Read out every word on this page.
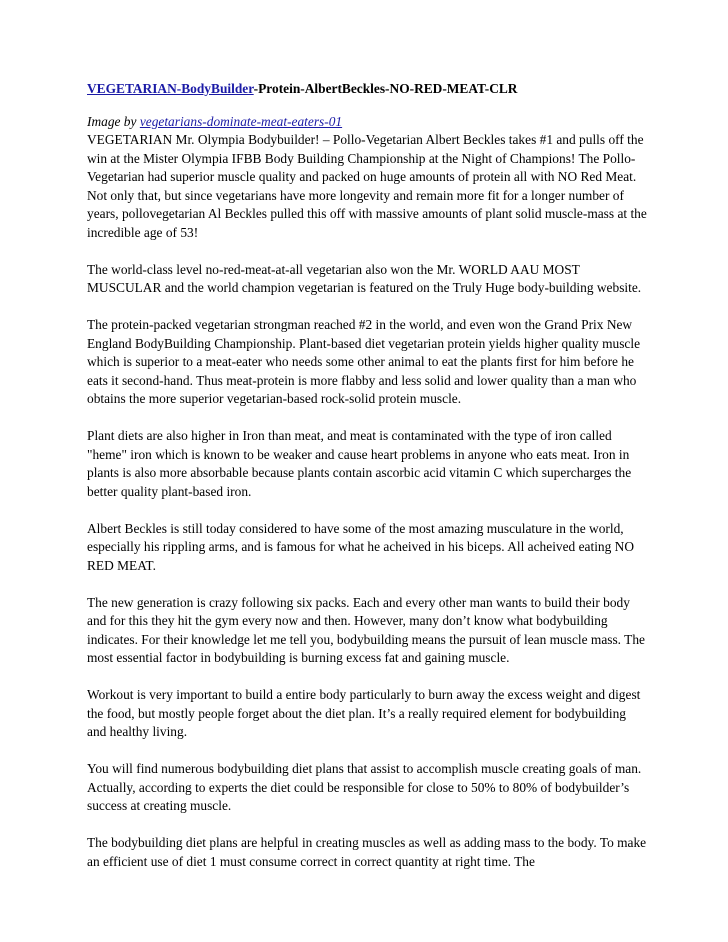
VEGETARIAN-BodyBuilder-Protein-AlbertBeckles-NO-RED-MEAT-CLR
Image by vegetarians-dominate-meat-eaters-01

VEGETARIAN Mr. Olympia Bodybuilder! – Pollo-Vegetarian Albert Beckles takes #1 and pulls off the win at the Mister Olympia IFBB Body Building Championship at the Night of Champions! The Pollo-Vegetarian had superior muscle quality and packed on huge amounts of protein all with NO Red Meat. Not only that, but since vegetarians have more longevity and remain more fit for a longer number of years, pollovegetarian Al Beckles pulled this off with massive amounts of plant solid muscle-mass at the incredible age of 53!

The world-class level no-red-meat-at-all vegetarian also won the Mr. WORLD AAU MOST MUSCULAR and the world champion vegetarian is featured on the Truly Huge body-building website.

The protein-packed vegetarian strongman reached #2 in the world, and even won the Grand Prix New England BodyBuilding Championship. Plant-based diet vegetarian protein yields higher quality muscle which is superior to a meat-eater who needs some other animal to eat the plants first for him before he eats it second-hand. Thus meat-protein is more flabby and less solid and lower quality than a man who obtains the more superior vegetarian-based rock-solid protein muscle.

Plant diets are also higher in Iron than meat, and meat is contaminated with the type of iron called "heme" iron which is known to be weaker and cause heart problems in anyone who eats meat. Iron in plants is also more absorbable because plants contain ascorbic acid vitamin C which supercharges the better quality plant-based iron.

Albert Beckles is still today considered to have some of the most amazing musculature in the world, especially his rippling arms, and is famous for what he acheived in his biceps. All acheived eating NO RED MEAT.

The new generation is crazy following six packs. Each and every other man wants to build their body and for this they hit the gym every now and then. However, many don’t know what bodybuilding indicates. For their knowledge let me tell you, bodybuilding means the pursuit of lean muscle mass. The most essential factor in bodybuilding is burning excess fat and gaining muscle.

Workout is very important to build a entire body particularly to burn away the excess weight and digest the food, but mostly people forget about the diet plan. It’s a really required element for bodybuilding and healthy living.

You will find numerous bodybuilding diet plans that assist to accomplish muscle creating goals of man. Actually, according to experts the diet could be responsible for close to 50% to 80% of bodybuilder’s success at creating muscle.

The bodybuilding diet plans are helpful in creating muscles as well as adding mass to the body. To make an efficient use of diet 1 must consume correct in correct quantity at right time. The
